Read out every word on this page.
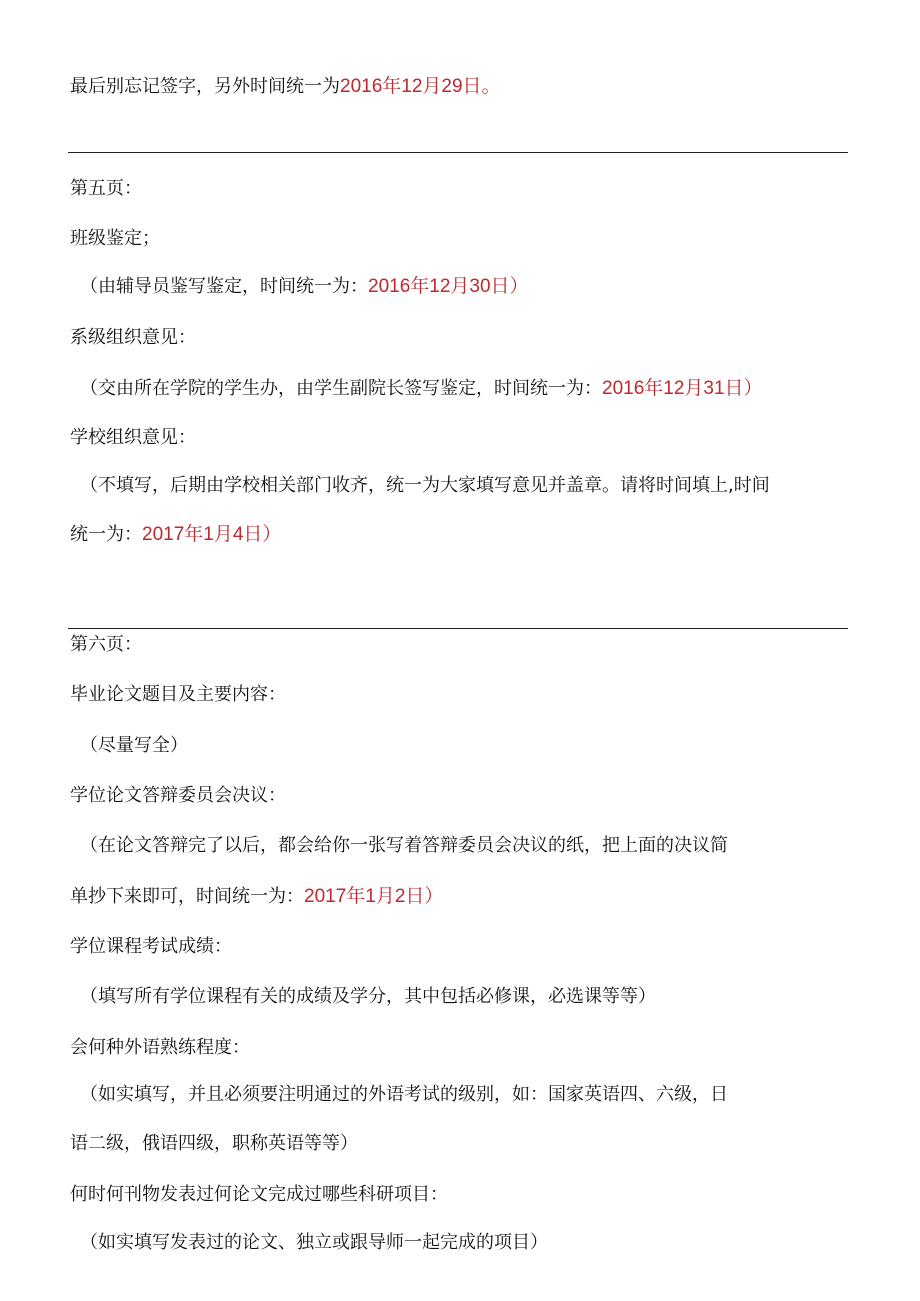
最后别忘记签字，另外时间统一为2016年12月29日。
第五页：
班级鉴定；
（由辅导员鉴写鉴定，时间统一为：2016年12月30日）
系级组织意见：
（交由所在学院的学生办，由学生副院长签写鉴定，时间统一为：2016年12月31日）
学校组织意见：
（不填写，后期由学校相关部门收齐，统一为大家填写意见并盖章。请将时间填上,时间
统一为：2017年1月4日）
第六页：
毕业论文题目及主要内容：
（尽量写全）
学位论文答辩委员会决议：
（在论文答辩完了以后，都会给你一张写着答辩委员会决议的纸，把上面的决议简
单抄下来即可，时间统一为：2017年1月2日）
学位课程考试成绩：
（填写所有学位课程有关的成绩及学分，其中包括必修课，必选课等等）
会何种外语熟练程度：
（如实填写，并且必须要注明通过的外语考试的级别，如：国家英语四、六级，日
语二级，俄语四级，职称英语等等）
何时何刊物发表过何论文完成过哪些科研项目：
（如实填写发表过的论文、独立或跟导师一起完成的项目）
